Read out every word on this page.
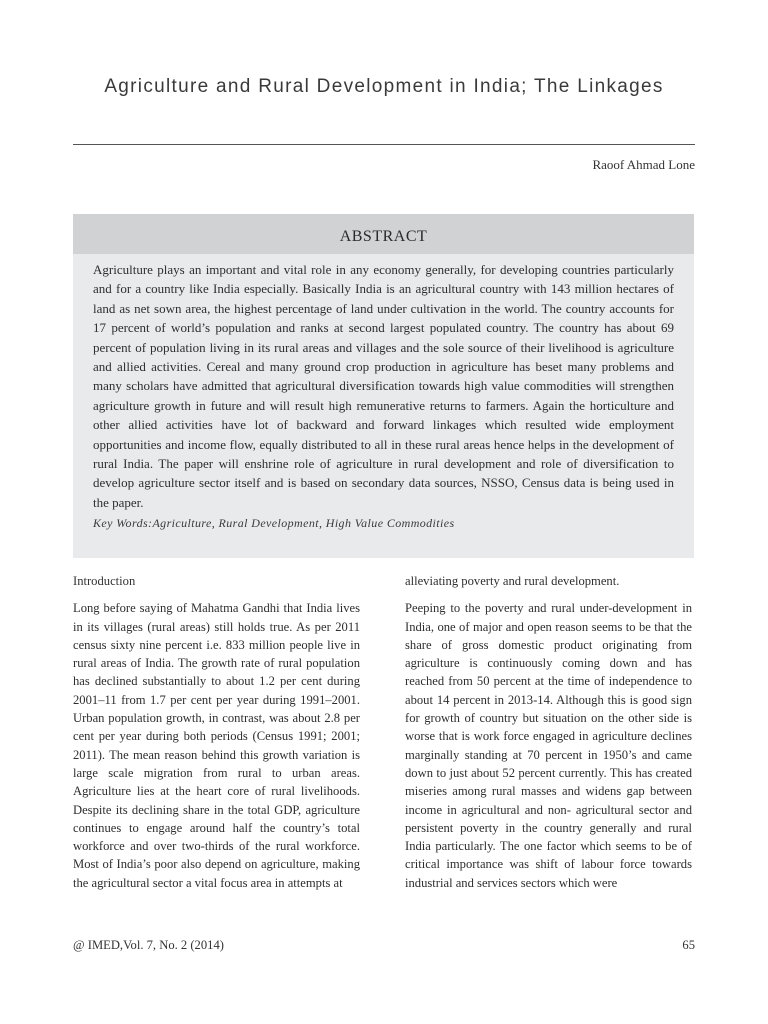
Agriculture and Rural Development in India; The Linkages
Raoof Ahmad Lone
ABSTRACT
Agriculture plays an important and vital role in any economy generally, for developing countries particularly and for a country like India especially. Basically India is an agricultural country with 143 million hectares of land as net sown area, the highest percentage of land under cultivation in the world. The country accounts for 17 percent of world’s population and ranks at second largest populated country. The country has about 69 percent of population living in its rural areas and villages and the sole source of their livelihood is agriculture and allied activities. Cereal and many ground crop production in agriculture has beset many problems and many scholars have admitted that agricultural diversification towards high value commodities will strengthen agriculture growth in future and will result high remunerative returns to farmers. Again the horticulture and other allied activities have lot of backward and forward linkages which resulted wide employment opportunities and income flow, equally distributed to all in these rural areas hence helps in the development of rural India. The paper will enshrine role of agriculture in rural development and role of diversification to develop agriculture sector itself and is based on secondary data sources, NSSO, Census data is being used in the paper.
Key Words:Agriculture, Rural Development, High Value Commodities
Introduction

Long before saying of Mahatma Gandhi that India lives in its villages (rural areas) still holds true. As per 2011 census sixty nine percent i.e. 833 million people live in rural areas of India. The growth rate of rural population has declined substantially to about 1.2 per cent during 2001–11 from 1.7 per cent per year during 1991–2001. Urban population growth, in contrast, was about 2.8 per cent per year during both periods (Census 1991; 2001; 2011). The mean reason behind this growth variation is large scale migration from rural to urban areas. Agriculture lies at the heart core of rural livelihoods. Despite its declining share in the total GDP, agriculture continues to engage around half the country’s total workforce and over two-thirds of the rural workforce. Most of India’s poor also depend on agriculture, making the agricultural sector a vital focus area in attempts at

alleviating poverty and rural development.

Peeping to the poverty and rural under-development in India, one of major and open reason seems to be that the share of gross domestic product originating from agriculture is continuously coming down and has reached from 50 percent at the time of independence to about 14 percent in 2013-14. Although this is good sign for growth of country but situation on the other side is worse that is work force engaged in agriculture declines marginally standing at 70 percent in 1950’s and came down to just about 52 percent currently. This has created miseries among rural masses and widens gap between income in agricultural and non- agricultural sector and persistent poverty in the country generally and rural India particularly. The one factor which seems to be of critical importance was shift of labour force towards industrial and services sectors which were

@ IMED,Vol. 7, No. 2 (2014)	65
